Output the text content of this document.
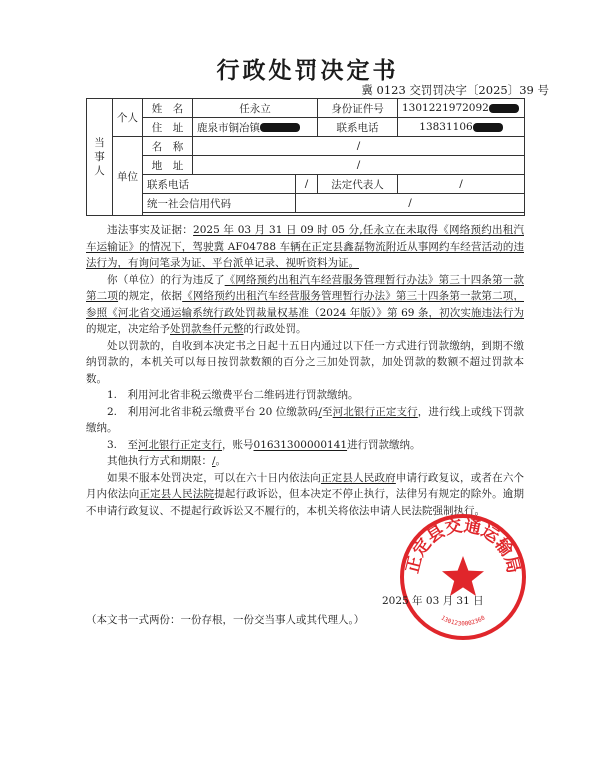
行政处罚决定书
冀 0123 交罚罚决字〔2025〕39 号
当事人	个人	姓　名	任永立		身份证件号	1301221972092
		住　址	鹿泉市铜冶镇		联系电话	13831106
	单位	名　称	/			
		地　址	/			
		联系电话		/	法定代表人	/
		统一社会信用代码		/		

违法事实及证据：2025 年 03 月 31 日 09 时 05 分,任永立在未取得《网络预约出租汽车运输证》的情况下，驾驶冀 AF04788 车辆在正定县鑫磊物流附近从事网约车经营活动的违法行为，有询问笔录为证、平台派单记录、视听资料为证。

你（单位）的行为违反了《网络预约出租汽车经营服务管理暂行办法》第三十四条第一款第二项的规定，依据《网络预约出租汽车经营服务管理暂行办法》第三十四条第一款第二项，参照《河北省交通运输系统行政处罚裁量权基准（2024 年版）》第 69 条，初次实施违法行为的规定，决定给予处罚款叁仟元整的行政处罚。

处以罚款的，自收到本决定书之日起十五日内通过以下任一方式进行罚款缴纳，到期不缴纳罚款的，本机关可以每日按罚款数额的百分之三加处罚款，加处罚款的数额不超过罚款本数。

1.　利用河北省非税云缴费平台二维码进行罚款缴纳。

2.　利用河北省非税云缴费平台 20 位缴款码/至河北银行正定支行，进行线上或线下罚款缴纳。

3.　至河北银行正定支行，账号01631300000141进行罚款缴纳。

其他执行方式和期限：/。

如果不服本处罚决定，可以在六十日内依法向正定县人民政府申请行政复议，或者在六个月内依法向正定县人民法院提起行政诉讼，但本决定不停止执行，法律另有规定的除外。逾期不申请行政复议、不提起行政诉讼又不履行的，本机关将依法申请人民法院强制执行。

正定县交通运输局
1301230002360
2025 年 03 月 31 日
（本文书一式两份：一份存根，一份交当事人或其代理人。）
